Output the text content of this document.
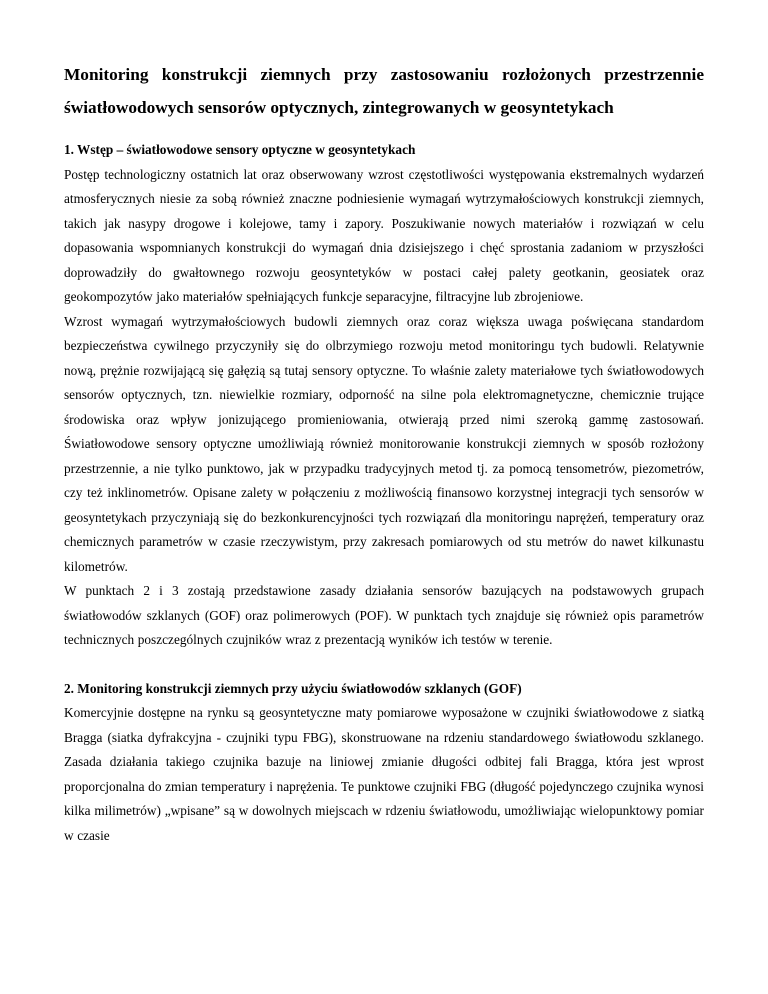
Monitoring konstrukcji ziemnych przy zastosowaniu rozłożonych przestrzennie światłowodowych sensorów optycznych, zintegrowanych w geosyntetykach
1. Wstęp – światłowodowe sensory optyczne w geosyntetykach

Postęp technologiczny ostatnich lat oraz obserwowany wzrost częstotliwości występowania ekstremalnych wydarzeń atmosferycznych niesie za sobą również znaczne podniesienie wymagań wytrzymałościowych konstrukcji ziemnych, takich jak nasypy drogowe i kolejowe, tamy i zapory. Poszukiwanie nowych materiałów i rozwiązań w celu dopasowania wspomnianych konstrukcji do wymagań dnia dzisiejszego i chęć sprostania zadaniom w przyszłości doprowadziły do gwałtownego rozwoju geosyntetyków w postaci całej palety geotkanin, geosiatek oraz geokompozytów jako materiałów spełniających funkcje separacyjne, filtracyjne lub zbrojeniowe.

Wzrost wymagań wytrzymałościowych budowli ziemnych oraz coraz większa uwaga poświęcana standardom bezpieczeństwa cywilnego przyczyniły się do olbrzymiego rozwoju metod monitoringu tych budowli. Relatywnie nową, prężnie rozwijającą się gałęzią są tutaj sensory optyczne. To właśnie zalety materiałowe tych światłowodowych sensorów optycznych, tzn. niewielkie rozmiary, odporność na silne pola elektromagnetyczne, chemicznie trujące środowiska oraz wpływ jonizującego promieniowania, otwierają przed nimi szeroką gammę zastosowań. Światłowodowe sensory optyczne umożliwiają również monitorowanie konstrukcji ziemnych w sposób rozłożony przestrzennie, a nie tylko punktowo, jak w przypadku tradycyjnych metod tj. za pomocą tensometrów, piezometrów, czy też inklinometrów. Opisane zalety w połączeniu z możliwością finansowo korzystnej integracji tych sensorów w geosyntetykach przyczyniają się do bezkonkurencyjności tych rozwiązań dla monitoringu naprężeń, temperatury oraz chemicznych parametrów w czasie rzeczywistym, przy zakresach pomiarowych od stu metrów do nawet kilkunastu kilometrów.

W punktach 2 i 3 zostają przedstawione zasady działania sensorów bazujących na podstawowych grupach światłowodów szklanych (GOF) oraz polimerowych (POF). W punktach tych znajduje się również opis parametrów technicznych poszczególnych czujników wraz z prezentacją wyników ich testów w terenie.

2. Monitoring konstrukcji ziemnych przy użyciu światłowodów szklanych (GOF)

Komercyjnie dostępne na rynku są geosyntetyczne maty pomiarowe wyposażone w czujniki światłowodowe z siatką Bragga (siatka dyfrakcyjna - czujniki typu FBG), skonstruowane na rdzeniu standardowego światłowodu szklanego. Zasada działania takiego czujnika bazuje na liniowej zmianie długości odbitej fali Bragga, która jest wprost proporcjonalna do zmian temperatury i naprężenia. Te punktowe czujniki FBG (długość pojedynczego czujnika wynosi kilka milimetrów) „wpisane” są w dowolnych miejscach w rdzeniu światłowodu, umożliwiając wielopunktowy pomiar w czasie
